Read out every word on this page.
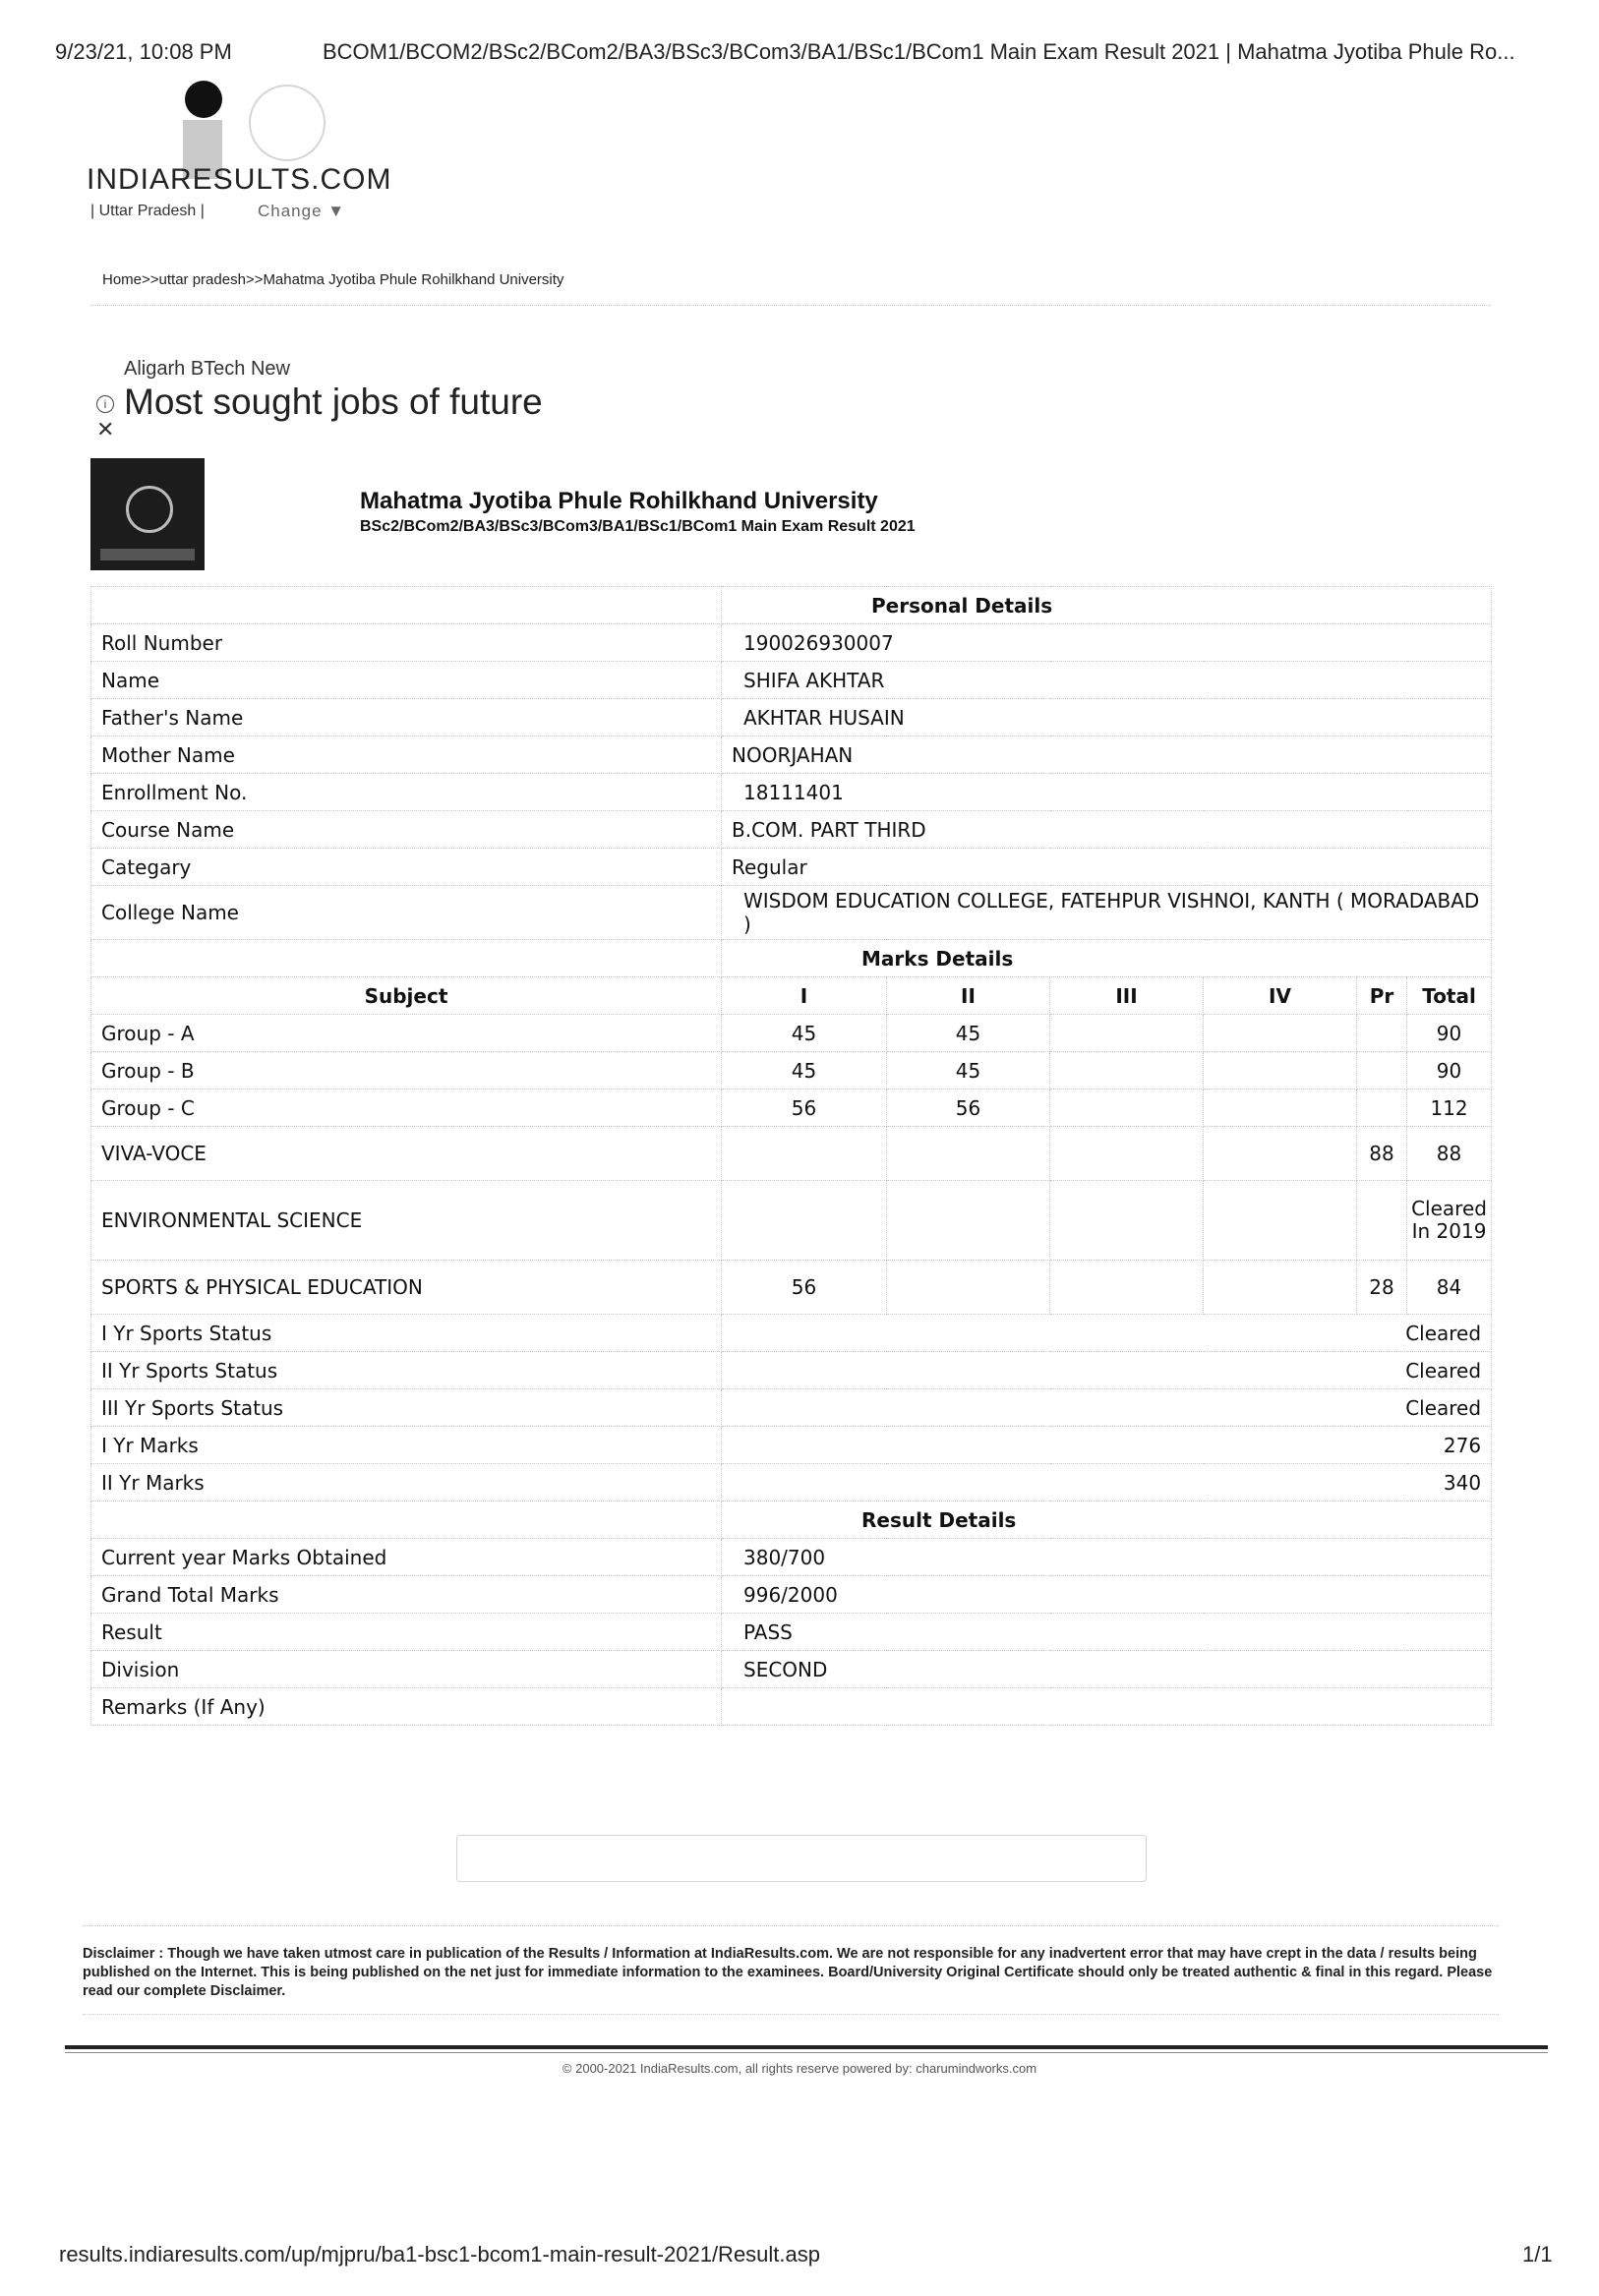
9/23/21, 10:08 PM	BCOM1/BCOM2/BSc2/BCom2/BA3/BSc3/BCom3/BA1/BSc1/BCom1 Main Exam Result 2021 | Mahatma Jyotiba Phule Ro...
INDIARESULTS.COM
| Uttar Pradesh |	Change ▼
Home>>uttar pradesh>>Mahatma Jyotiba Phule Rohilkhand University
Aligarh BTech New
i Most sought jobs of future
✕
Mahatma Jyotiba Phule Rohilkhand University
BSc2/BCom2/BA3/BSc3/BCom3/BA1/BSc1/BCom1 Main Exam Result 2021
	Personal Details					
Roll Number	190026930007					
Name	SHIFA AKHTAR					
Father's Name	AKHTAR HUSAIN					
Mother Name	NOORJAHAN					
Enrollment No.	18111401					
Course Name	B.COM. PART THIRD					
Categary	Regular					
College Name	WISDOM EDUCATION COLLEGE, FATEHPUR VISHNOI, KANTH ( MORADABAD )					
	Marks Details					
Subject	I	II	III	IV	Pr	Total
Group - A	45	45				90
Group - B	45	45				90
Group - C	56	56				112
VIVA-VOCE					88	88
ENVIRONMENTAL SCIENCE						Cleared In 2019
SPORTS & PHYSICAL EDUCATION	56				28	84
I Yr Sports Status	Cleared					
II Yr Sports Status	Cleared					
III Yr Sports Status	Cleared					
I Yr Marks	276					
II Yr Marks	340					
	Result Details					
Current year Marks Obtained	380/700					
Grand Total Marks	996/2000					
Result	PASS					
Division	SECOND					
Remarks (If Any)						
Disclaimer : Though we have taken utmost care in publication of the Results / Information at IndiaResults.com. We are not responsible for any inadvertent error that may have crept in the data / results being published on the Internet. This is being published on the net just for immediate information to the examinees. Board/University Original Certificate should only be treated authentic & final in this regard. Please read our complete Disclaimer.
© 2000-2021 IndiaResults.com, all rights reserve powered by: charumindworks.com
results.indiaresults.com/up/mjpru/ba1-bsc1-bcom1-main-result-2021/Result.asp	1/1
